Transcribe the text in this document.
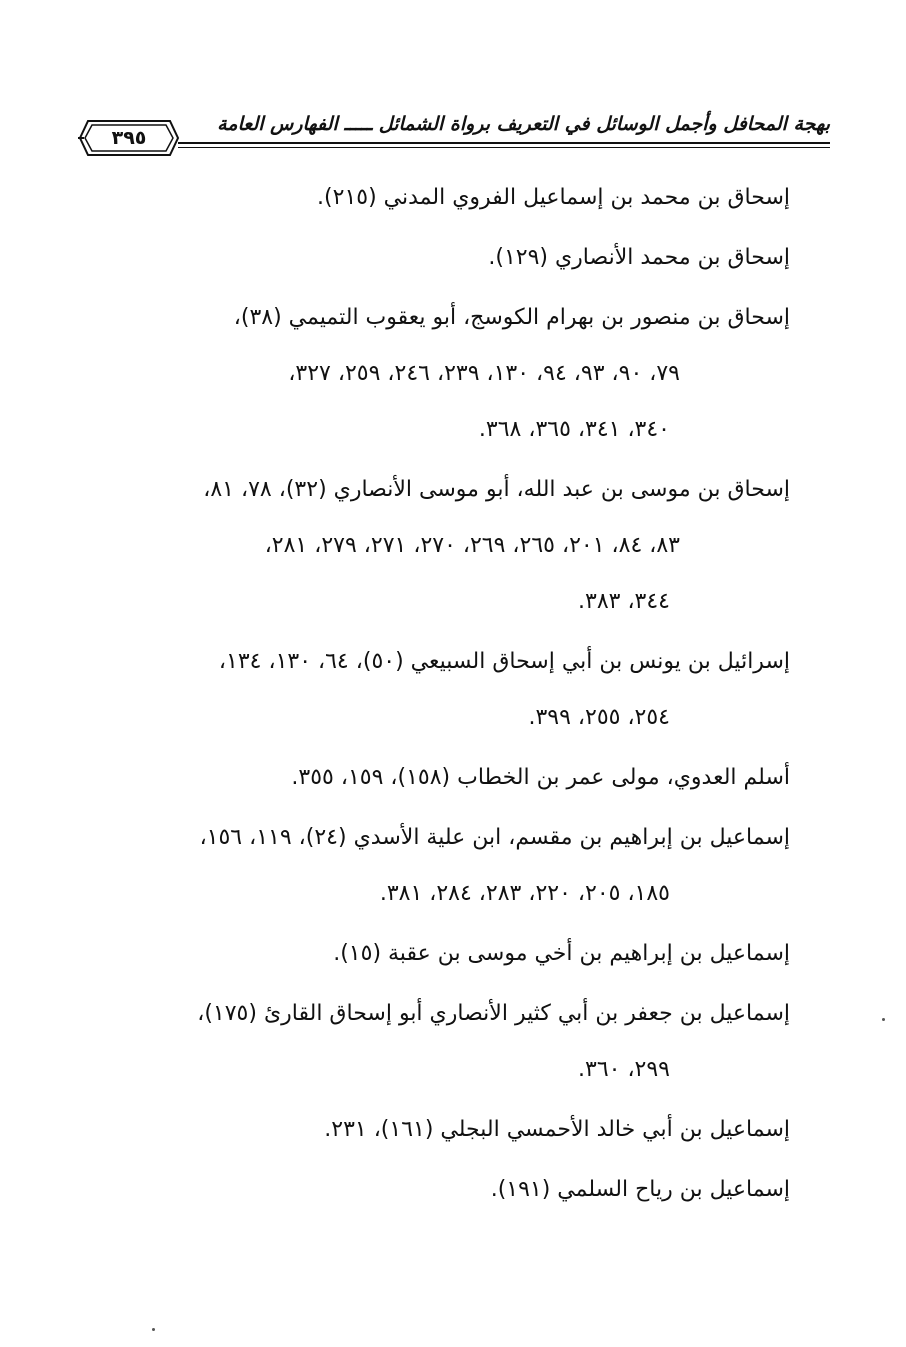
بهجة المحافل وأجمل الوسائل في التعريف برواة الشمائل ـــــ الفهارس العامة
٣٩٥
إسحاق بن محمد بن إسماعيل الفروي المدني (٢١٥).
إسحاق بن محمد الأنصاري (١٢٩).
إسحاق بن منصور بن بهرام الكوسج، أبو يعقوب التميمي (٣٨)،
٧٩، ٩٠، ٩٣، ٩٤، ١٣٠، ٢٣٩، ٢٤٦، ٢٥٩، ٣٢٧،
٣٤٠، ٣٤١، ٣٦٥، ٣٦٨.
إسحاق بن موسى بن عبد الله، أبو موسى الأنصاري (٣٢)، ٧٨، ٨١،
٨٣، ٨٤، ٢٠١، ٢٦٥، ٢٦٩، ٢٧٠، ٢٧١، ٢٧٩، ٢٨١،
٣٤٤، ٣٨٣.
إسرائيل بن يونس بن أبي إسحاق السبيعي (٥٠)، ٦٤، ١٣٠، ١٣٤،
٢٥٤، ٢٥٥، ٣٩٩.
أسلم العدوي، مولى عمر بن الخطاب (١٥٨)، ١٥٩، ٣٥٥.
إسماعيل بن إبراهيم بن مقسم، ابن علية الأسدي (٢٤)، ١١٩، ١٥٦،
١٨٥، ٢٠٥، ٢٢٠، ٢٨٣، ٢٨٤، ٣٨١.
إسماعيل بن إبراهيم بن أخي موسى بن عقبة (١٥).
إسماعيل بن جعفر بن أبي كثير الأنصاري أبو إسحاق القارئ (١٧٥)،
٢٩٩، ٣٦٠.
إسماعيل بن أبي خالد الأحمسي البجلي (١٦١)، ٢٣١.
إسماعيل بن رياح السلمي (١٩١).
